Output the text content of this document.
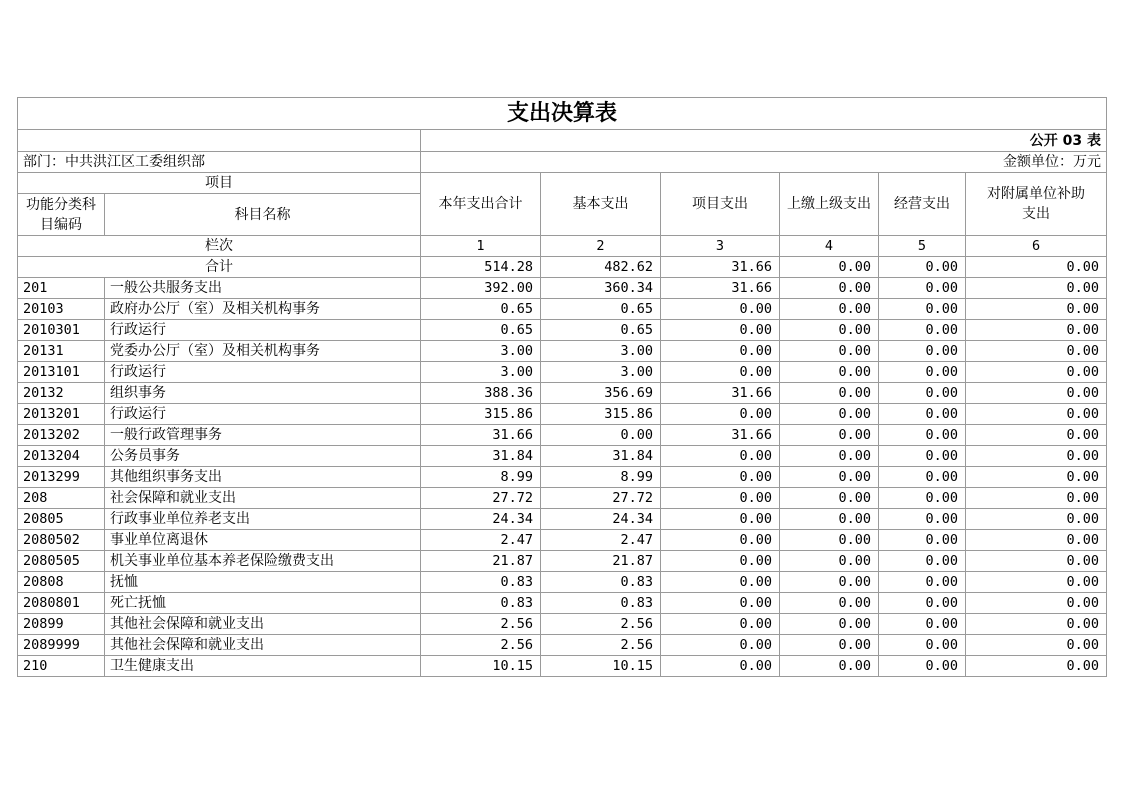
支出决算表							
		公开 03 表					
部门：中共洪江区工委组织部		金额单位：万元					
项目		本年支出合计	基本支出	项目支出	上缴上级支出	经营支出	对附属单位补助支出
功能分类科目编码	科目名称						
栏次		1	2	3	4	5	6
合计		514.28	482.62	31.66	0.00	0.00	0.00
201	一般公共服务支出	392.00	360.34	31.66	0.00	0.00	0.00
20103	政府办公厅（室）及相关机构事务	0.65	0.65	0.00	0.00	0.00	0.00
2010301	行政运行	0.65	0.65	0.00	0.00	0.00	0.00
20131	党委办公厅（室）及相关机构事务	3.00	3.00	0.00	0.00	0.00	0.00
2013101	行政运行	3.00	3.00	0.00	0.00	0.00	0.00
20132	组织事务	388.36	356.69	31.66	0.00	0.00	0.00
2013201	行政运行	315.86	315.86	0.00	0.00	0.00	0.00
2013202	一般行政管理事务	31.66	0.00	31.66	0.00	0.00	0.00
2013204	公务员事务	31.84	31.84	0.00	0.00	0.00	0.00
2013299	其他组织事务支出	8.99	8.99	0.00	0.00	0.00	0.00
208	社会保障和就业支出	27.72	27.72	0.00	0.00	0.00	0.00
20805	行政事业单位养老支出	24.34	24.34	0.00	0.00	0.00	0.00
2080502	事业单位离退休	2.47	2.47	0.00	0.00	0.00	0.00
2080505	机关事业单位基本养老保险缴费支出	21.87	21.87	0.00	0.00	0.00	0.00
20808	抚恤	0.83	0.83	0.00	0.00	0.00	0.00
2080801	死亡抚恤	0.83	0.83	0.00	0.00	0.00	0.00
20899	其他社会保障和就业支出	2.56	2.56	0.00	0.00	0.00	0.00
2089999	其他社会保障和就业支出	2.56	2.56	0.00	0.00	0.00	0.00
210	卫生健康支出	10.15	10.15	0.00	0.00	0.00	0.00
